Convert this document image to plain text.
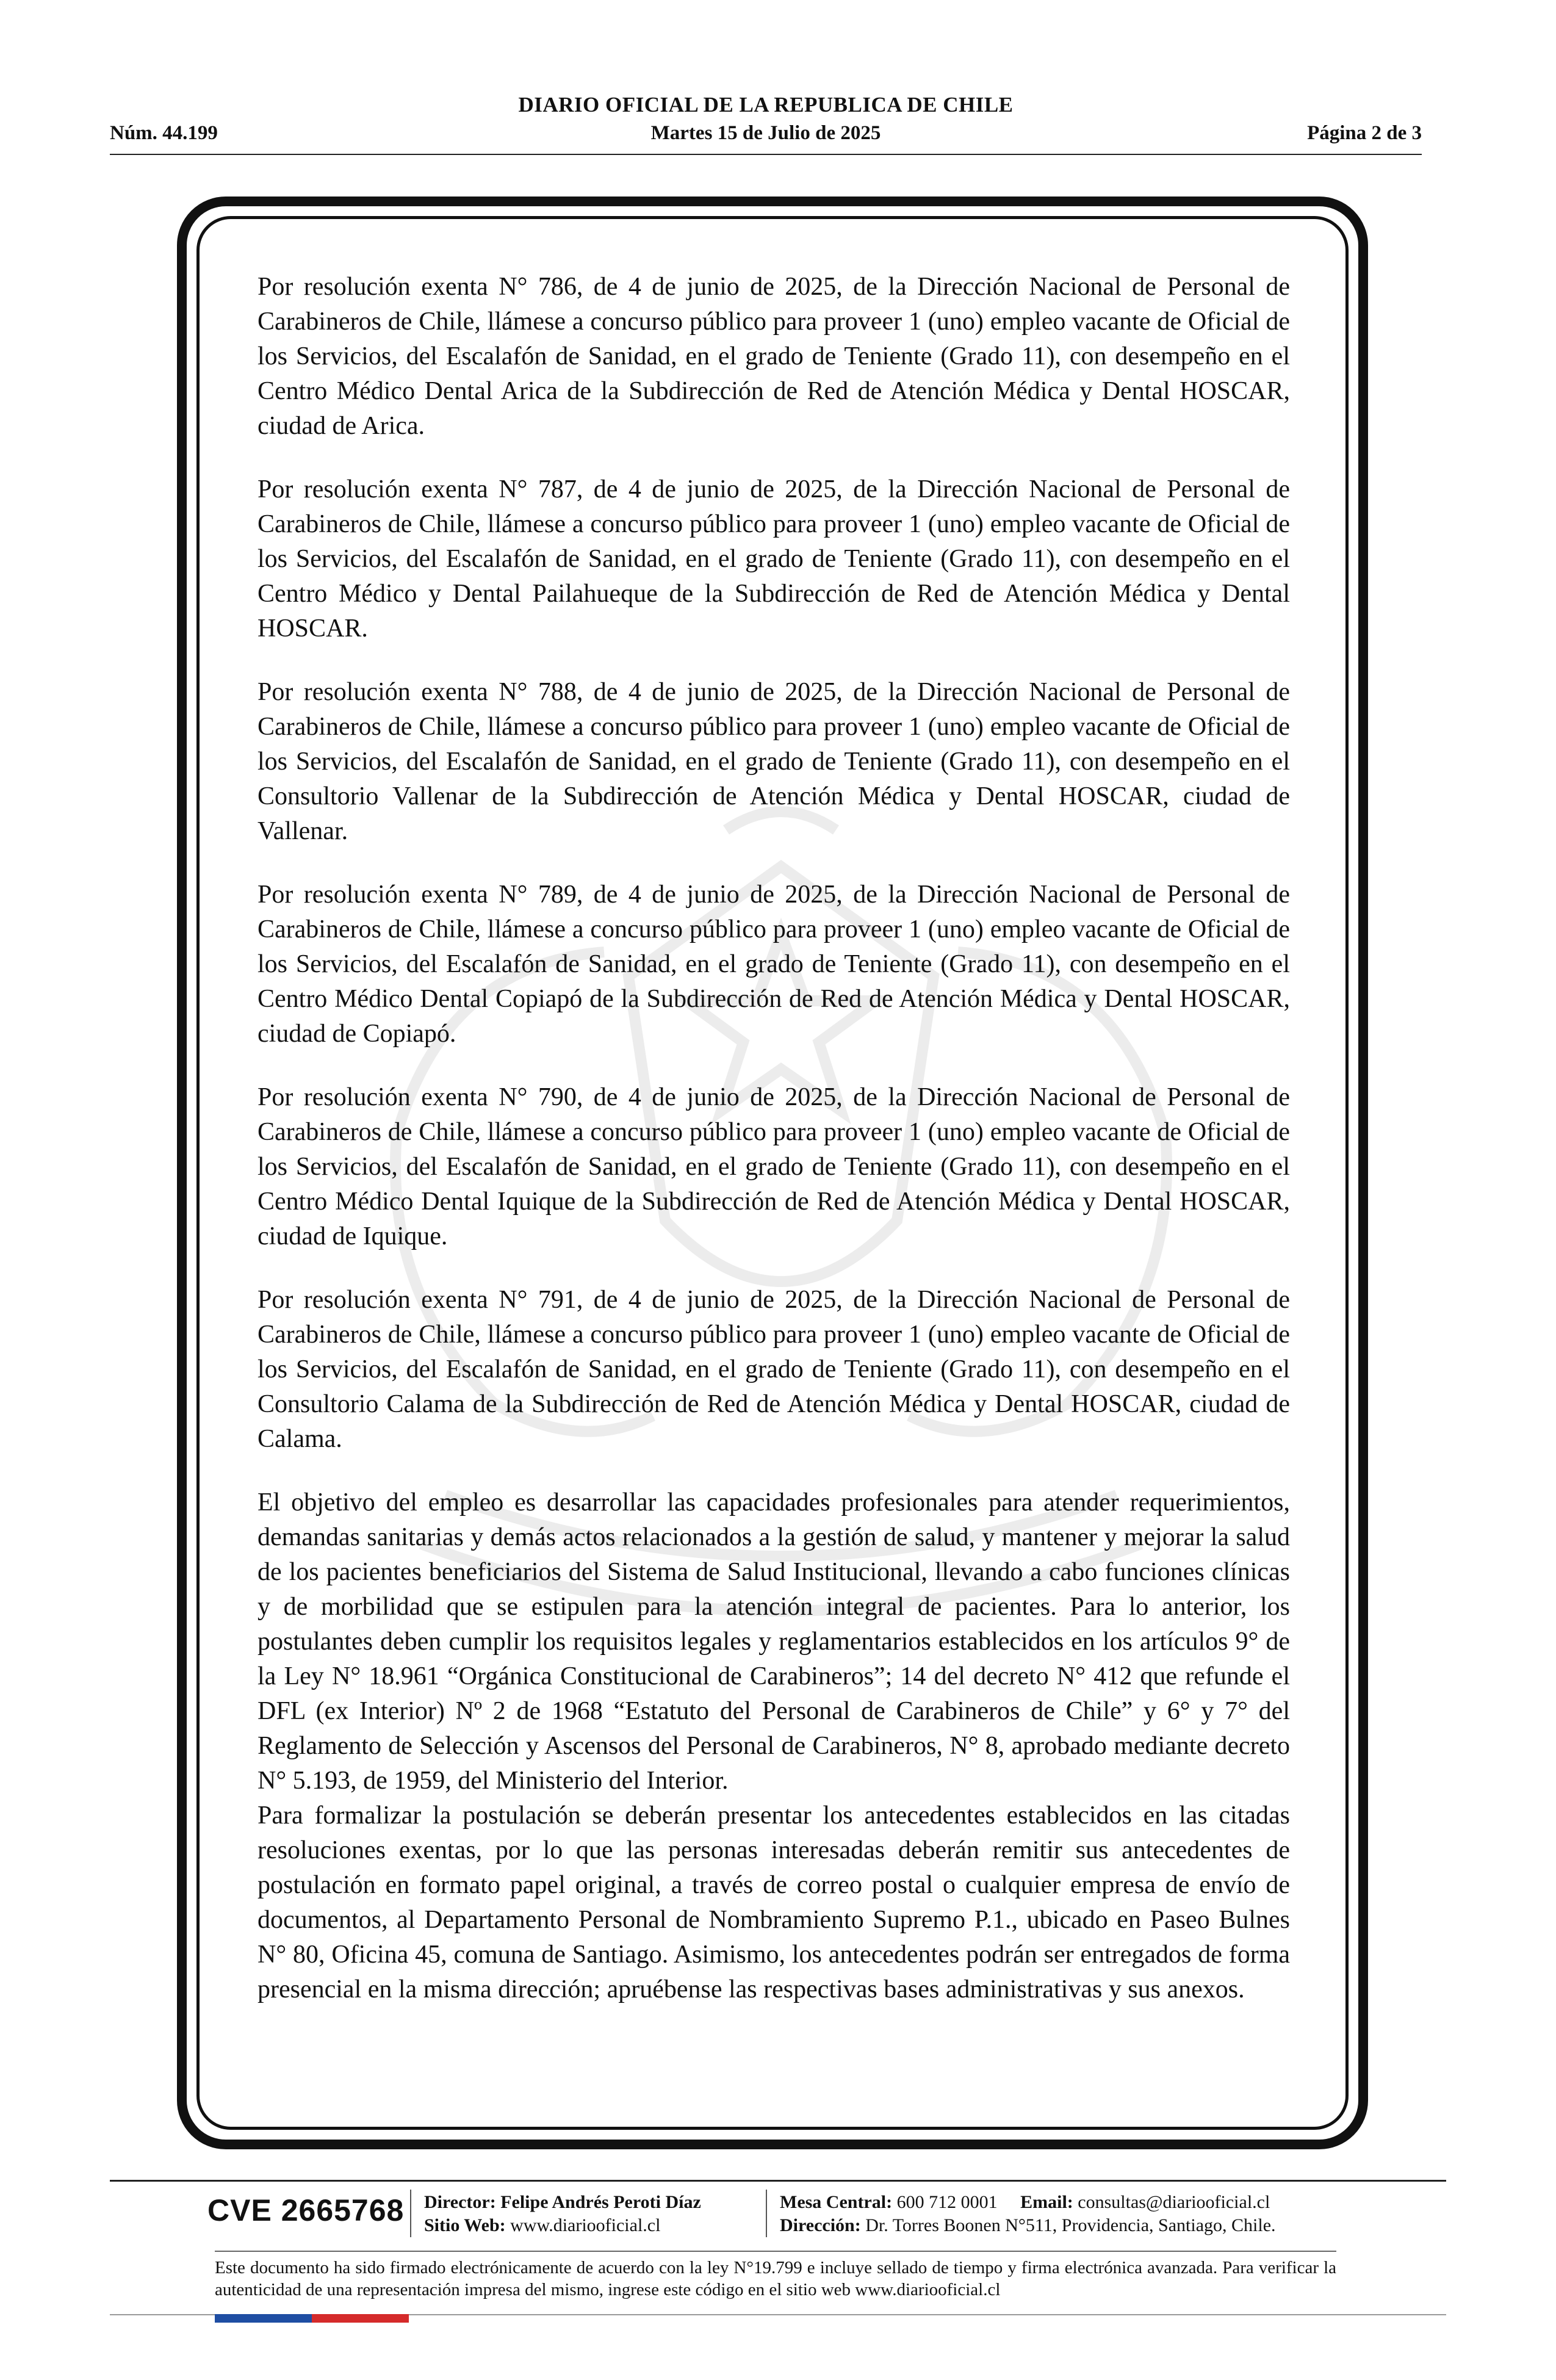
DIARIO OFICIAL DE LA REPUBLICA DE CHILE
Núm. 44.199	Martes 15 de Julio de 2025	Página 2 de 3

Por resolución exenta N° 786, de 4 de junio de 2025, de la Dirección Nacional de Personal de Carabineros de Chile, llámese a concurso público para proveer 1 (uno) empleo vacante de Oficial de los Servicios, del Escalafón de Sanidad, en el grado de Teniente (Grado 11), con desempeño en el Centro Médico Dental Arica de la Subdirección de Red de Atención Médica y Dental HOSCAR, ciudad de Arica.

Por resolución exenta N° 787, de 4 de junio de 2025, de la Dirección Nacional de Personal de Carabineros de Chile, llámese a concurso público para proveer 1 (uno) empleo vacante de Oficial de los Servicios, del Escalafón de Sanidad, en el grado de Teniente (Grado 11), con desempeño en el Centro Médico y Dental Pailahueque de la Subdirección de Red de Atención Médica y Dental HOSCAR.

Por resolución exenta N° 788, de 4 de junio de 2025, de la Dirección Nacional de Personal de Carabineros de Chile, llámese a concurso público para proveer 1 (uno) empleo vacante de Oficial de los Servicios, del Escalafón de Sanidad, en el grado de Teniente (Grado 11), con desempeño en el Consultorio Vallenar de la Subdirección de Atención Médica y Dental HOSCAR, ciudad de Vallenar.

Por resolución exenta N° 789, de 4 de junio de 2025, de la Dirección Nacional de Personal de Carabineros de Chile, llámese a concurso público para proveer 1 (uno) empleo vacante de Oficial de los Servicios, del Escalafón de Sanidad, en el grado de Teniente (Grado 11), con desempeño en el Centro Médico Dental Copiapó de la Subdirección de Red de Atención Médica y Dental HOSCAR, ciudad de Copiapó.

Por resolución exenta N° 790, de 4 de junio de 2025, de la Dirección Nacional de Personal de Carabineros de Chile, llámese a concurso público para proveer 1 (uno) empleo vacante de Oficial de los Servicios, del Escalafón de Sanidad, en el grado de Teniente (Grado 11), con desempeño en el Centro Médico Dental Iquique de la Subdirección de Red de Atención Médica y Dental HOSCAR, ciudad de Iquique.

Por resolución exenta N° 791, de 4 de junio de 2025, de la Dirección Nacional de Personal de Carabineros de Chile, llámese a concurso público para proveer 1 (uno) empleo vacante de Oficial de los Servicios, del Escalafón de Sanidad, en el grado de Teniente (Grado 11), con desempeño en el Consultorio Calama de la Subdirección de Red de Atención Médica y Dental HOSCAR, ciudad de Calama.

El objetivo del empleo es desarrollar las capacidades profesionales para atender requerimientos, demandas sanitarias y demás actos relacionados a la gestión de salud, y mantener y mejorar la salud de los pacientes beneficiarios del Sistema de Salud Institucional, llevando a cabo funciones clínicas y de morbilidad que se estipulen para la atención integral de pacientes. Para lo anterior, los postulantes deben cumplir los requisitos legales y reglamentarios establecidos en los artículos 9° de la Ley N° 18.961 “Orgánica Constitucional de Carabineros”; 14 del decreto N° 412 que refunde el DFL (ex Interior) Nº 2 de 1968 “Estatuto del Personal de Carabineros de Chile” y 6° y 7° del Reglamento de Selección y Ascensos del Personal de Carabineros, N° 8, aprobado mediante decreto N° 5.193, de 1959, del Ministerio del Interior.

Para formalizar la postulación se deberán presentar los antecedentes establecidos en las citadas resoluciones exentas, por lo que las personas interesadas deberán remitir sus antecedentes de postulación en formato papel original, a través de correo postal o cualquier empresa de envío de documentos, al Departamento Personal de Nombramiento Supremo P.1., ubicado en Paseo Bulnes N° 80, Oficina 45, comuna de Santiago. Asimismo, los antecedentes podrán ser entregados de forma presencial en la misma dirección; apruébense las respectivas bases administrativas y sus anexos.

CVE 2665768 Director: Felipe Andrés Peroti Díaz
Sitio Web: www.diariooficial.cl
Mesa Central: 600 712 0001 Email: consultas@diariooficial.cl
Dirección: Dr. Torres Boonen N°511, Providencia, Santiago, Chile.
Este documento ha sido firmado electrónicamente de acuerdo con la ley N°19.799 e incluye sellado de tiempo y firma electrónica avanzada. Para verificar la autenticidad de una representación impresa del mismo, ingrese este código en el sitio web www.diariooficial.cl
